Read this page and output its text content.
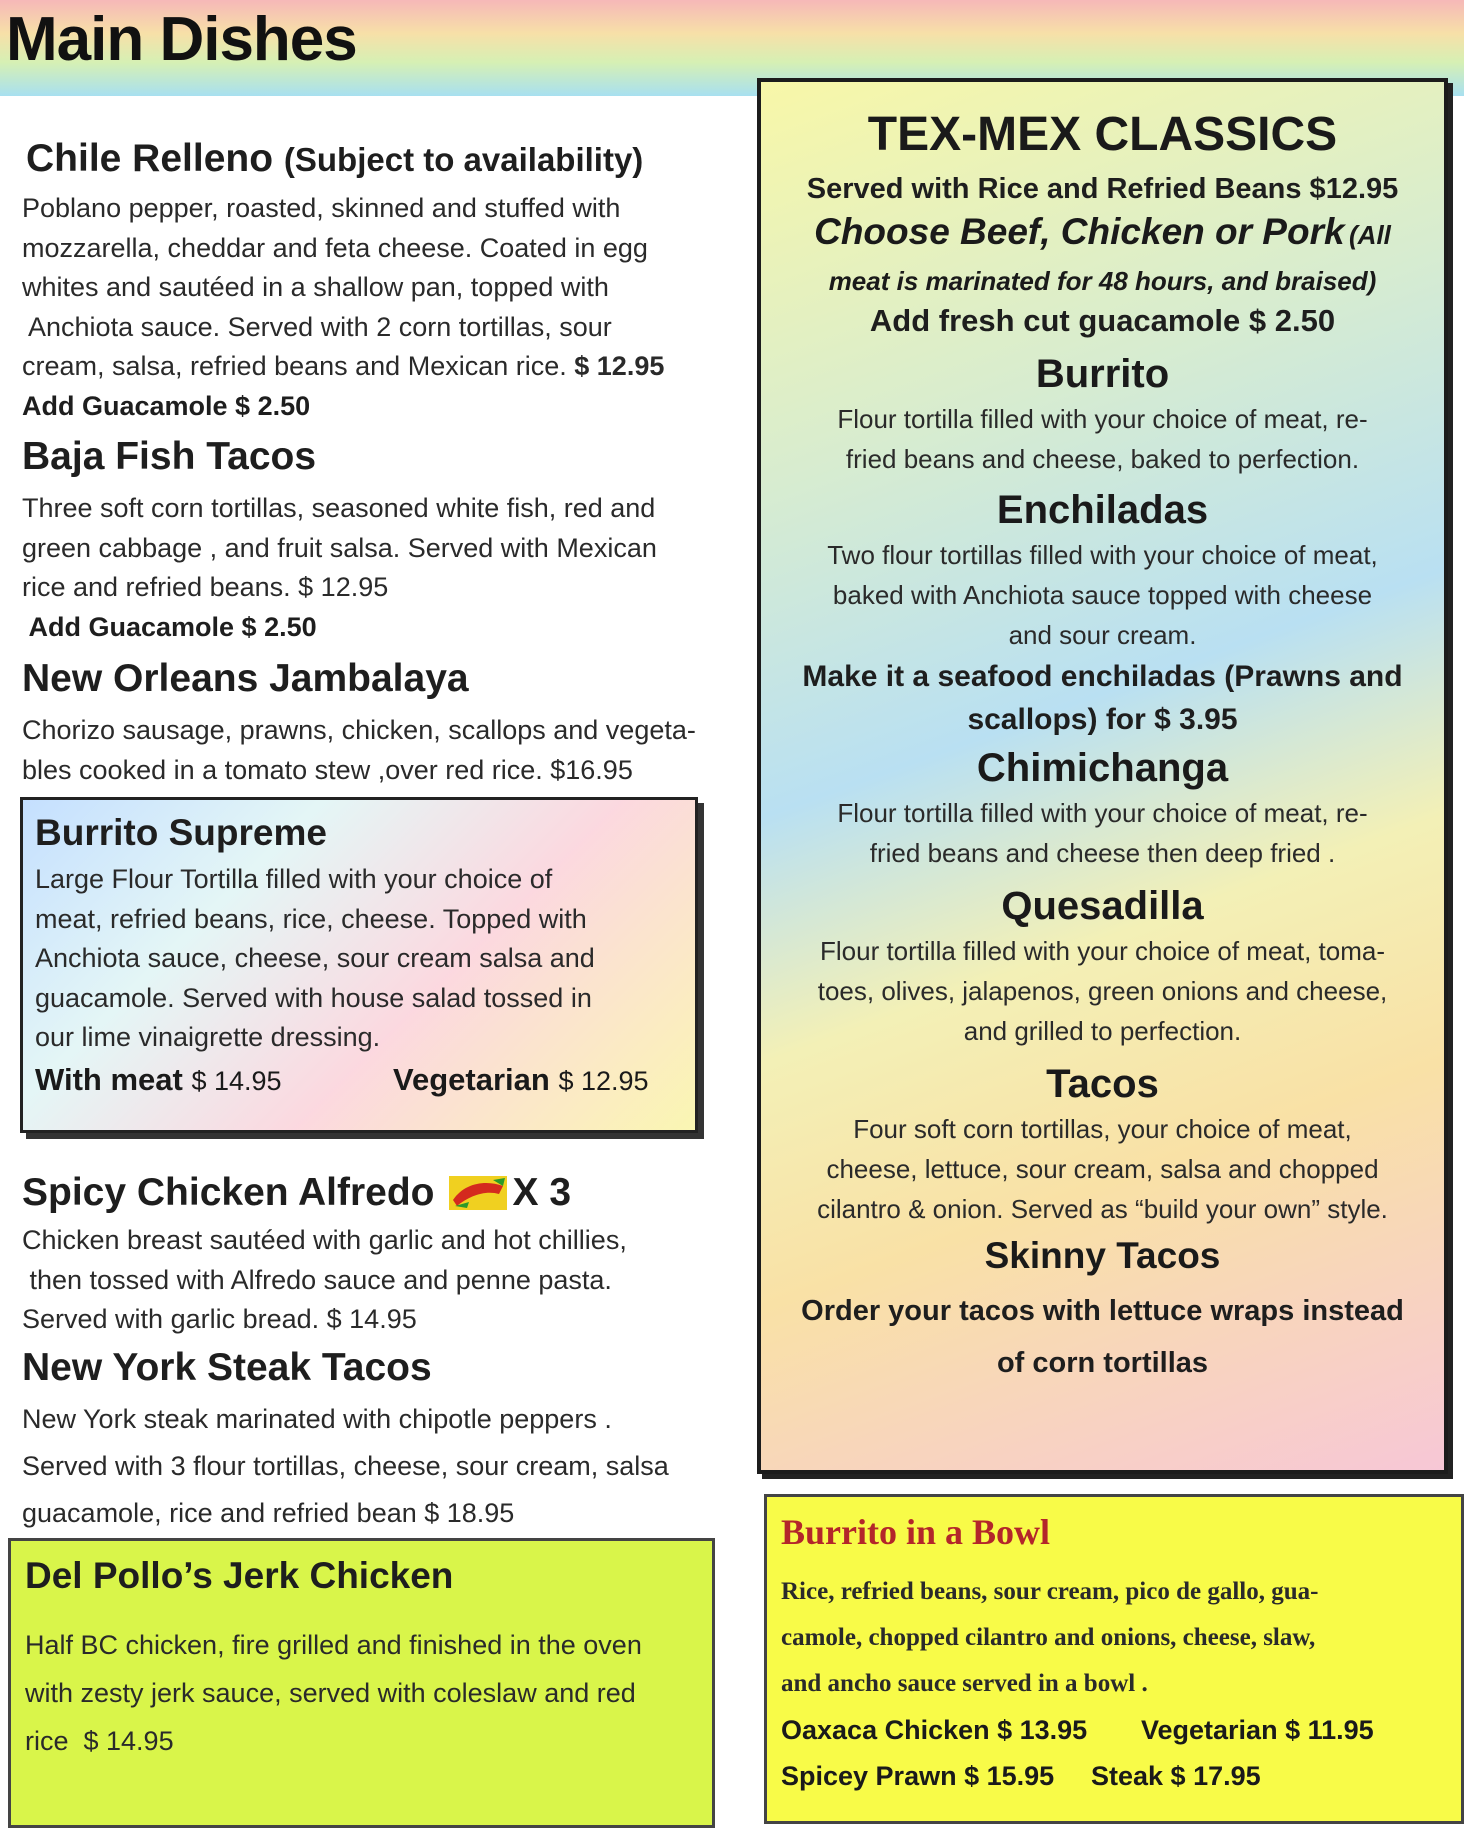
Main Dishes
Chile Relleno (Subject to availability)
Poblano pepper, roasted, skinned and stuffed with
mozzarella, cheddar and feta cheese. Coated in egg
whites and sautéed in a shallow pan, topped with
Anchiota sauce. Served with 2 corn tortillas, sour
cream, salsa, refried beans and Mexican rice. $ 12.95
Add Guacamole $ 2.50
Baja Fish Tacos
Three soft corn tortillas, seasoned white fish, red and
green cabbage , and fruit salsa. Served with Mexican
rice and refried beans. $ 12.95
Add Guacamole $ 2.50
New Orleans Jambalaya
Chorizo sausage, prawns, chicken, scallops and vegeta-
bles cooked in a tomato stew ,over red rice. $16.95
Burrito Supreme
Large Flour Tortilla filled with your choice of
meat, refried beans, rice, cheese. Topped with
Anchiota sauce, cheese, sour cream salsa and
guacamole. Served with house salad tossed in
our lime vinaigrette dressing.
With meat $ 14.95	Vegetarian $ 12.95
Spicy Chicken Alfredo X 3
Chicken breast sautéed with garlic and hot chillies,
then tossed with Alfredo sauce and penne pasta.
Served with garlic bread. $ 14.95
New York Steak Tacos
New York steak marinated with chipotle peppers .
Served with 3 flour tortillas, cheese, sour cream, salsa
guacamole, rice and refried bean $ 18.95
Del Pollo’s Jerk Chicken
Half BC chicken, fire grilled and finished in the oven
with zesty jerk sauce, served with coleslaw and red
rice  $ 14.95
TEX-MEX CLASSICS
Served with Rice and Refried Beans $12.95
Choose Beef, Chicken or Pork (All
meat is marinated for 48 hours, and braised)
Add fresh cut guacamole $ 2.50
Burrito
Flour tortilla filled with your choice of meat, re-
fried beans and cheese, baked to perfection.
Enchiladas
Two flour tortillas filled with your choice of meat,
baked with Anchiota sauce topped with cheese
and sour cream.
Make it a seafood enchiladas (Prawns and
scallops) for $ 3.95
Chimichanga
Flour tortilla filled with your choice of meat, re-
fried beans and cheese then deep fried .
Quesadilla
Flour tortilla filled with your choice of meat, toma-
toes, olives, jalapenos, green onions and cheese,
and grilled to perfection.
Tacos
Four soft corn tortillas, your choice of meat,
cheese, lettuce, sour cream, salsa and chopped
cilantro & onion. Served as “build your own” style.
Skinny Tacos
Order your tacos with lettuce wraps instead
of corn tortillas
Burrito in a Bowl
Rice, refried beans, sour cream, pico de gallo, gua-
camole, chopped cilantro and onions, cheese, slaw,
and ancho sauce served in a bowl .
Oaxaca Chicken $ 13.95	Vegetarian $ 11.95
Spicey Prawn $ 15.95	Steak $ 17.95
